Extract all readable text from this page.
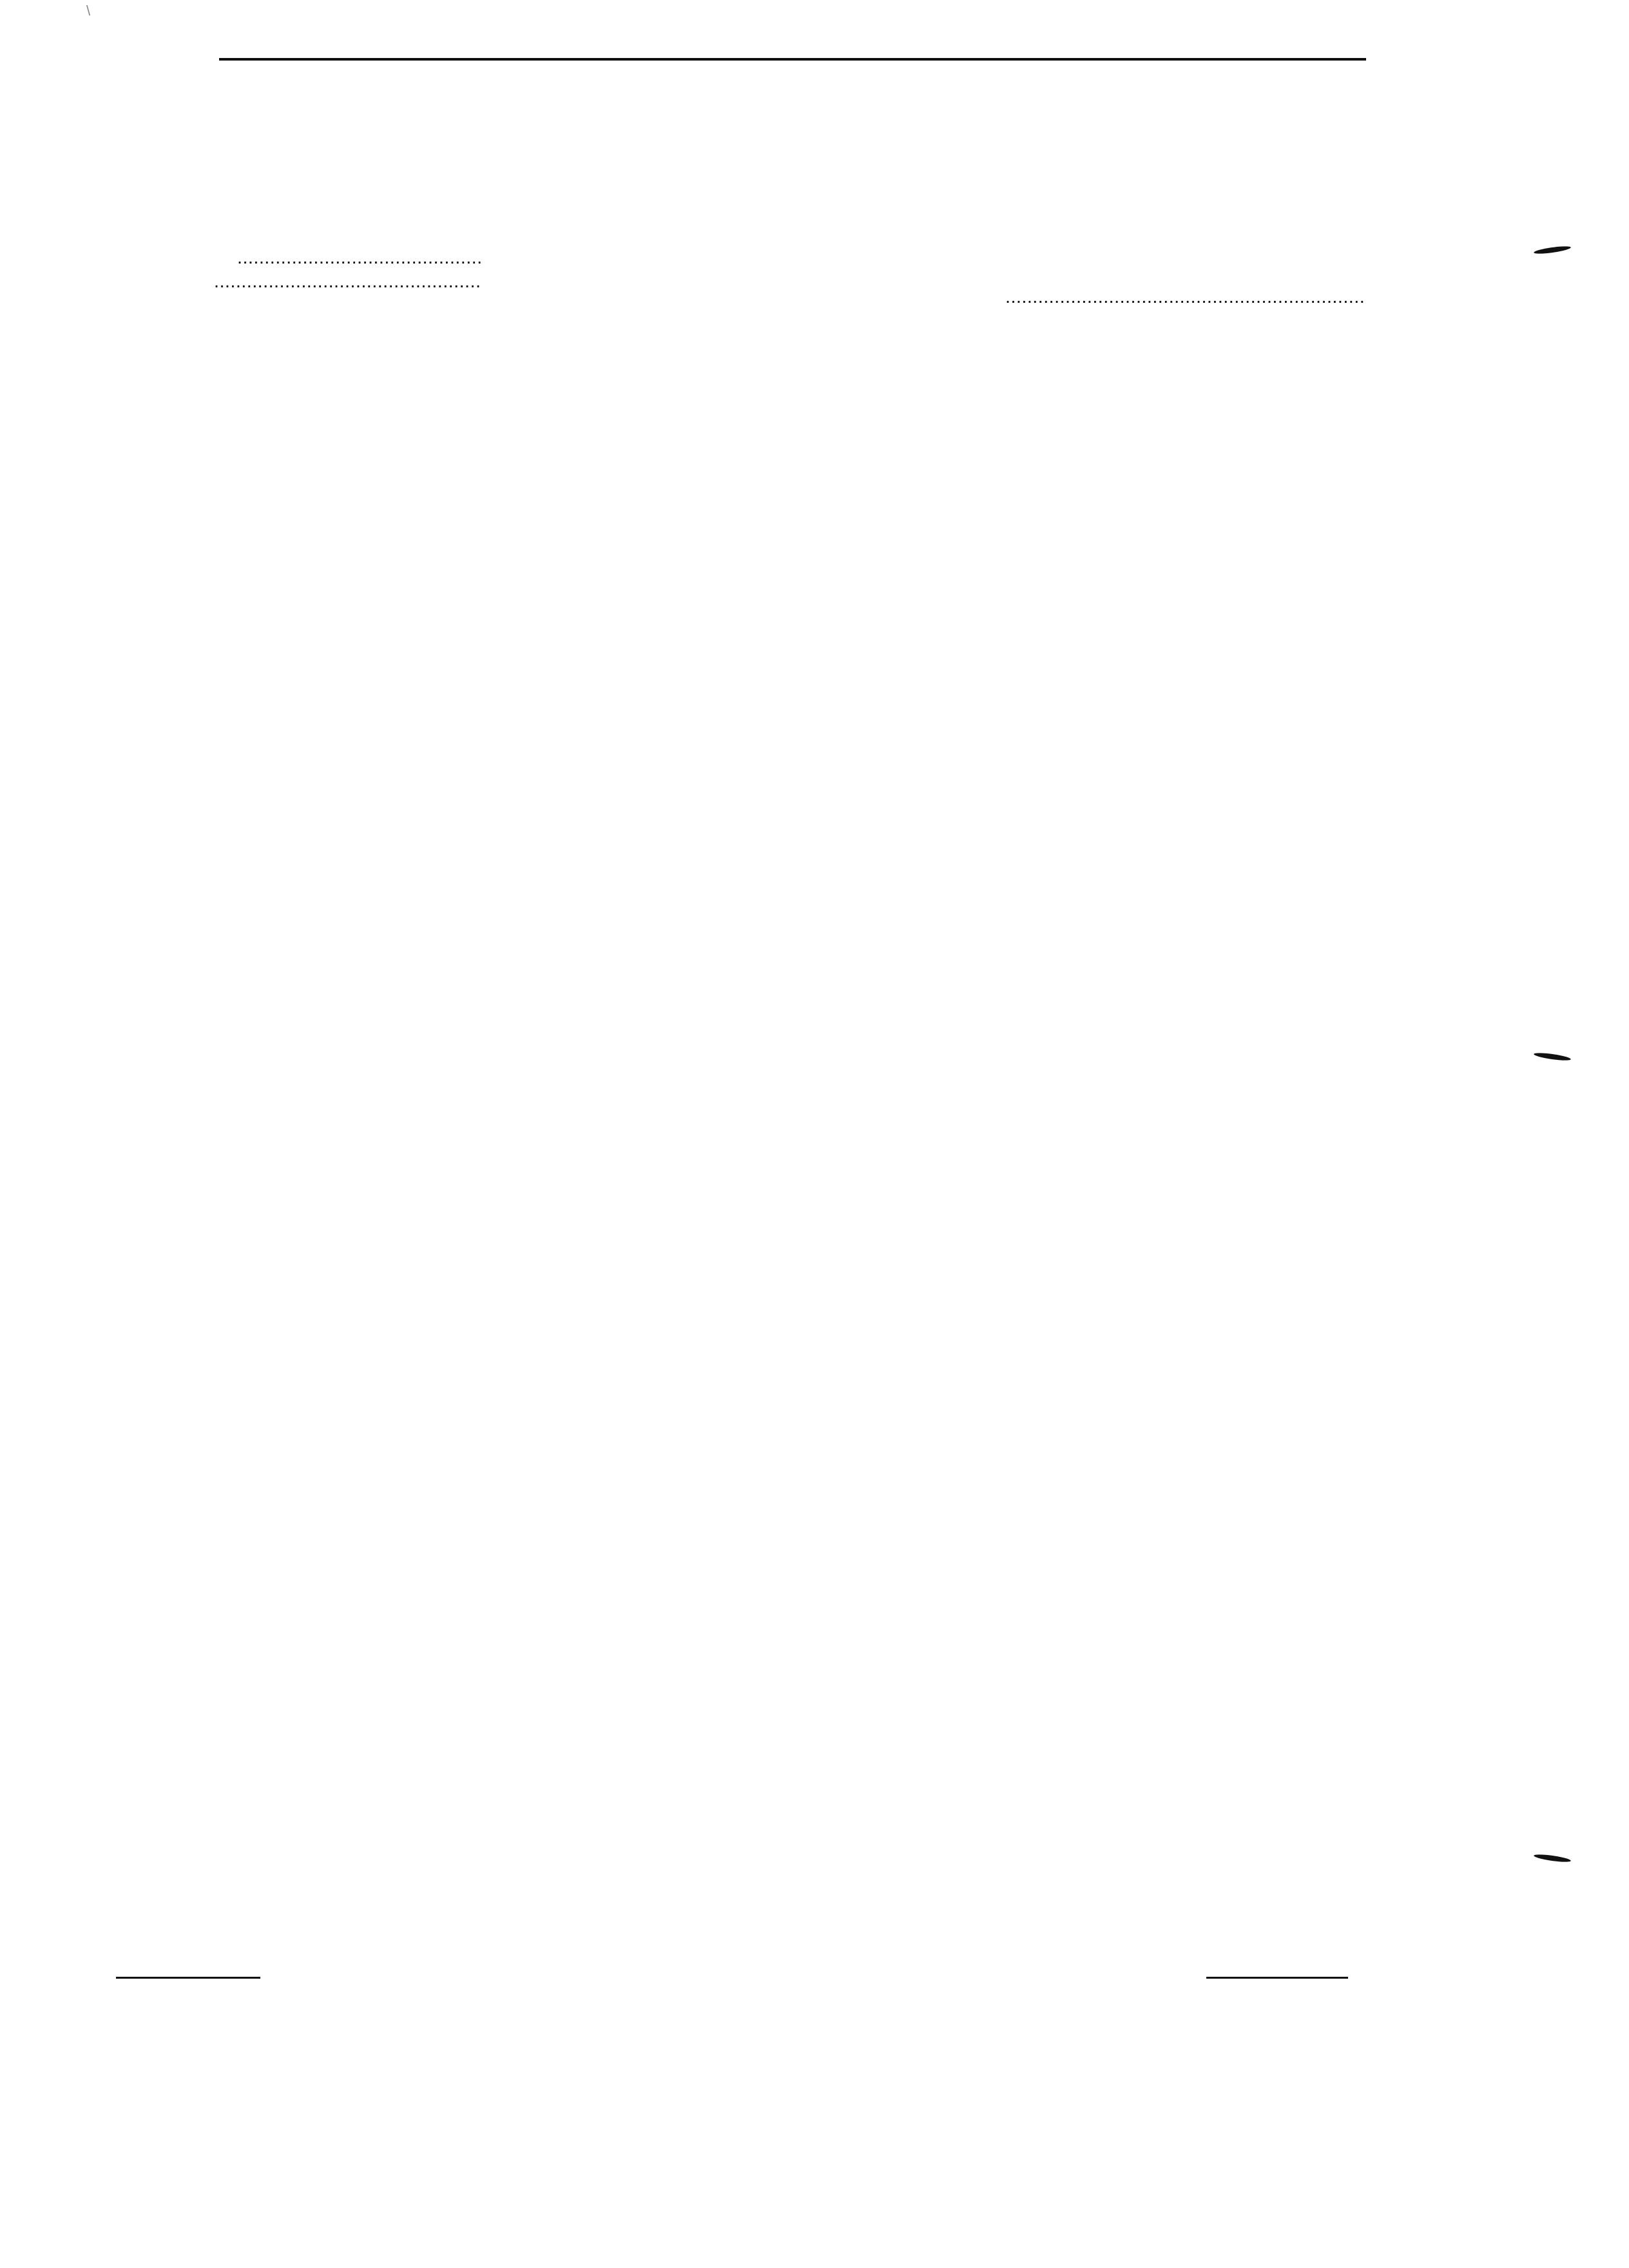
\
.....
.....
.....
